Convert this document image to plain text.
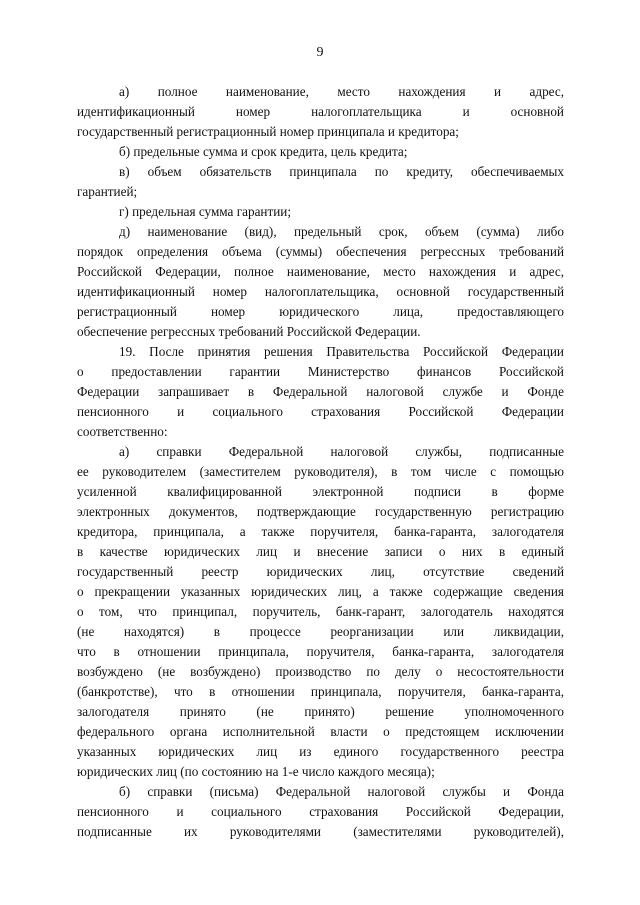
9
а) полное наименование, место нахождения и адрес,
идентификационный номер налогоплательщика и основной
государственный регистрационный номер принципала и кредитора;
б) предельные сумма и срок кредита, цель кредита;
в) объем обязательств принципала по кредиту, обеспечиваемых
гарантией;
г) предельная сумма гарантии;
д) наименование (вид), предельный срок, объем (сумма) либо
порядок определения объема (суммы) обеспечения регрессных требований
Российской Федерации, полное наименование, место нахождения и адрес,
идентификационный номер налогоплательщика, основной государственный
регистрационный номер юридического лица, предоставляющего
обеспечение регрессных требований Российской Федерации.
19. После принятия решения Правительства Российской Федерации
о предоставлении гарантии Министерство финансов Российской
Федерации запрашивает в Федеральной налоговой службе и Фонде
пенсионного и социального страхования Российской Федерации
соответственно:
а) справки Федеральной налоговой службы, подписанные
ее руководителем (заместителем руководителя), в том числе с помощью
усиленной квалифицированной электронной подписи в форме
электронных документов, подтверждающие государственную регистрацию
кредитора, принципала, а также поручителя, банка-гаранта, залогодателя
в качестве юридических лиц и внесение записи о них в единый
государственный реестр юридических лиц, отсутствие сведений
о прекращении указанных юридических лиц, а также содержащие сведения
о том, что принципал, поручитель, банк-гарант, залогодатель находятся
(не находятся) в процессе реорганизации или ликвидации,
что в отношении принципала, поручителя, банка-гаранта, залогодателя
возбуждено (не возбуждено) производство по делу о несостоятельности
(банкротстве), что в отношении принципала, поручителя, банка-гаранта,
залогодателя принято (не принято) решение уполномоченного
федерального органа исполнительной власти о предстоящем исключении
указанных юридических лиц из единого государственного реестра
юридических лиц (по состоянию на 1-е число каждого месяца);
б) справки (письма) Федеральной налоговой службы и Фонда
пенсионного и социального страхования Российской Федерации,
подписанные их руководителями (заместителями руководителей),
